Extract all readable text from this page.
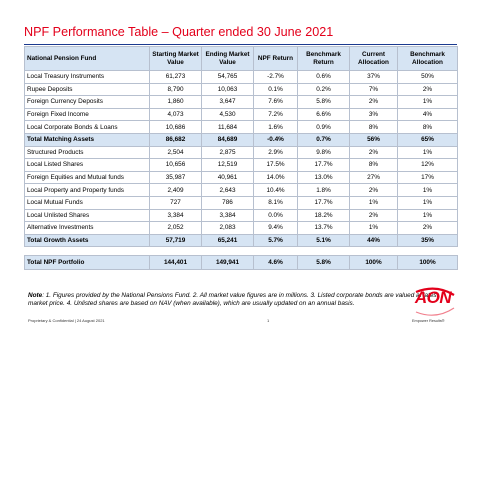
NPF Performance Table – Quarter ended 30 June 2021
National Pension Fund	Starting Market Value	Ending Market Value	NPF Return	Benchmark Return	Current Allocation	Benchmark Allocation
Local Treasury Instruments	61,273	54,765	-2.7%	0.6%	37%	50%
Rupee Deposits	8,790	10,063	0.1%	0.2%	7%	2%
Foreign Currency Deposits	1,860	3,647	7.6%	5.8%	2%	1%
Foreign Fixed Income	4,073	4,530	7.2%	6.6%	3%	4%
Local Corporate Bonds & Loans	10,686	11,684	1.6%	0.9%	8%	8%
Total Matching Assets	86,682	84,689	-0.4%	0.7%	56%	65%
Structured Products	2,504	2,875	2.9%	9.8%	2%	1%
Local Listed Shares	10,656	12,519	17.5%	17.7%	8%	12%
Foreign Equities and Mutual funds	35,987	40,961	14.0%	13.0%	27%	17%
Local Property and Property funds	2,409	2,643	10.4%	1.8%	2%	1%
Local Mutual Funds	727	786	8.1%	17.7%	1%	1%
Local Unlisted Shares	3,384	3,384	0.0%	18.2%	2%	1%
Alternative Investments	2,052	2,083	9.4%	13.7%	1%	2%
Total Growth Assets	57,719	65,241	5.7%	5.1%	44%	35%

Total NPF Portfolio	144,401	149,941	4.6%	5.8%	100%	100%
Note: 1. Figures provided by the National Pensions Fund. 2. All market value figures are in millions. 3. Listed corporate bonds are valued at latest market price. 4. Unlisted shares are based on NAV (when available), which are usually updated on an annual basis.
Proprietary & Confidential | 24 August 2021	1
AON
Empower Results®
